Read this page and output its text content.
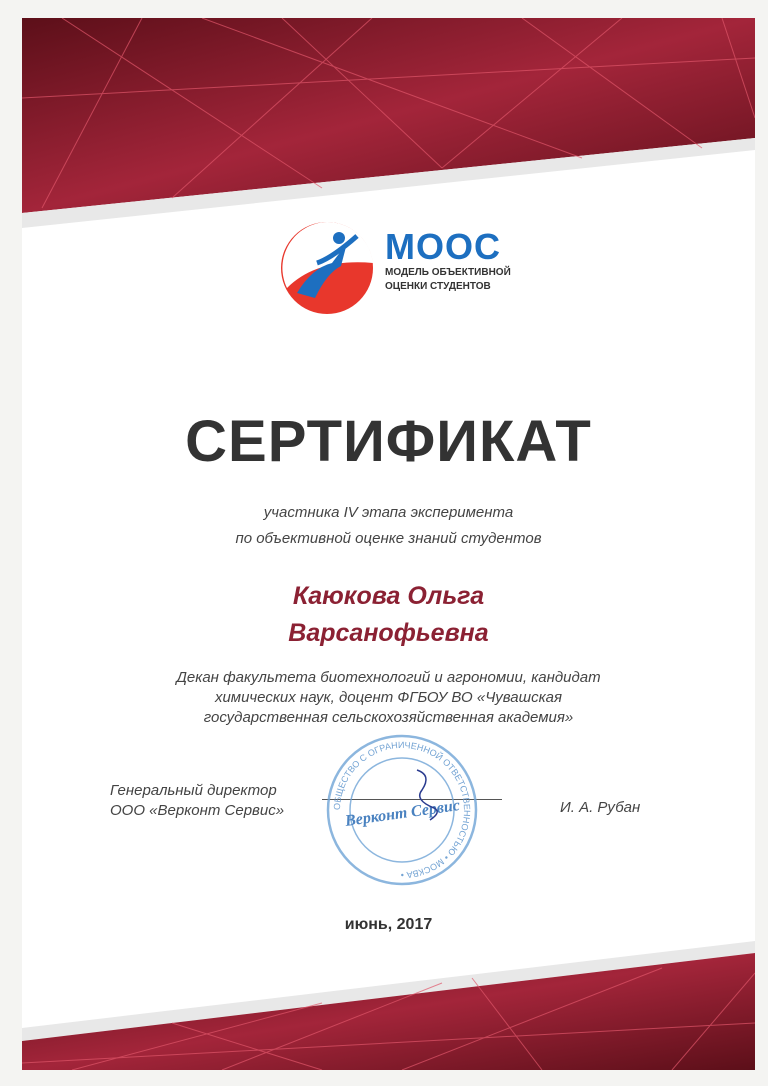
МООС
МОДЕЛЬ ОБЪЕКТИВНОЙ
ОЦЕНКИ СТУДЕНТОВ
СЕРТИФИКАТ
участника IV этапа эксперимента
по объективной оценке знаний студентов
Каюкова Ольга
Варсанофьевна
Декан факультета биотехнологий и агрономии, кандидат
химических наук, доцент ФГБОУ ВО «Чувашская
государственная сельскохозяйственная академия»
Генеральный директор
ООО «Верконт Сервис»	ОБЩЕСТВО С ОГРАНИЧЕННОЙ ОТВЕТСТВЕННОСТЬЮ • МОСКВА •
Верконт Сервис	И. А. Рубан
июнь, 2017
